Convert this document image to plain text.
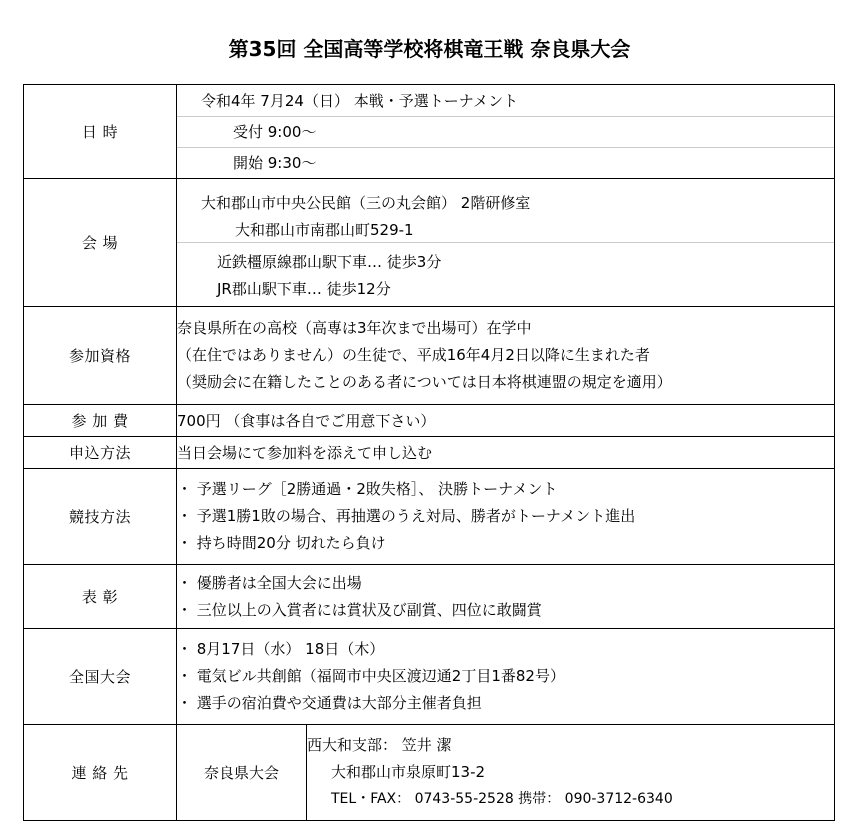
第35回 全国高等学校将棋竜王戦 奈良県大会
日 時	令和4年 7月24（日） 本戦・予選トーナメント
受付 9:00～
開始 9:30～	

会 場	大和郡山市中央公民館（三の丸会館） 2階研修室
大和郡山市南郡山町529-1
近鉄橿原線郡山駅下車… 徒歩3分
JR郡山駅下車… 徒歩12分	

参加資格	奈良県所在の高校（高専は3年次まで出場可）在学中
（在住ではありません）の生徒で、平成16年4月2日以降に生まれた者
（奨励会に在籍したことのある者については日本将棋連盟の規定を適用）	

参 加 費	700円 （食事は各自でご用意下さい）	
申込方法	当日会場にて参加料を添えて申し込む	
競技方法	・ 予選リーグ［2勝通過・2敗失格］、 決勝トーナメント
・ 予選1勝1敗の場合、再抽選のうえ対局、勝者がトーナメント進出
・ 持ち時間20分 切れたら負け	

表 彰	・ 優勝者は全国大会に出場
・ 三位以上の入賞者には賞状及び副賞、四位に敢闘賞	

全国大会	・ 8月17日（水） 18日（木）
・ 電気ビル共創館（福岡市中央区渡辺通2丁目1番82号）
・ 選手の宿泊費や交通費は大部分主催者負担	

連 絡 先	奈良県大会	西大和支部： 笠井 潔
大和郡山市泉原町13-2
TEL・FAX： 0743-55-2528 携帯： 090-3712-6340
